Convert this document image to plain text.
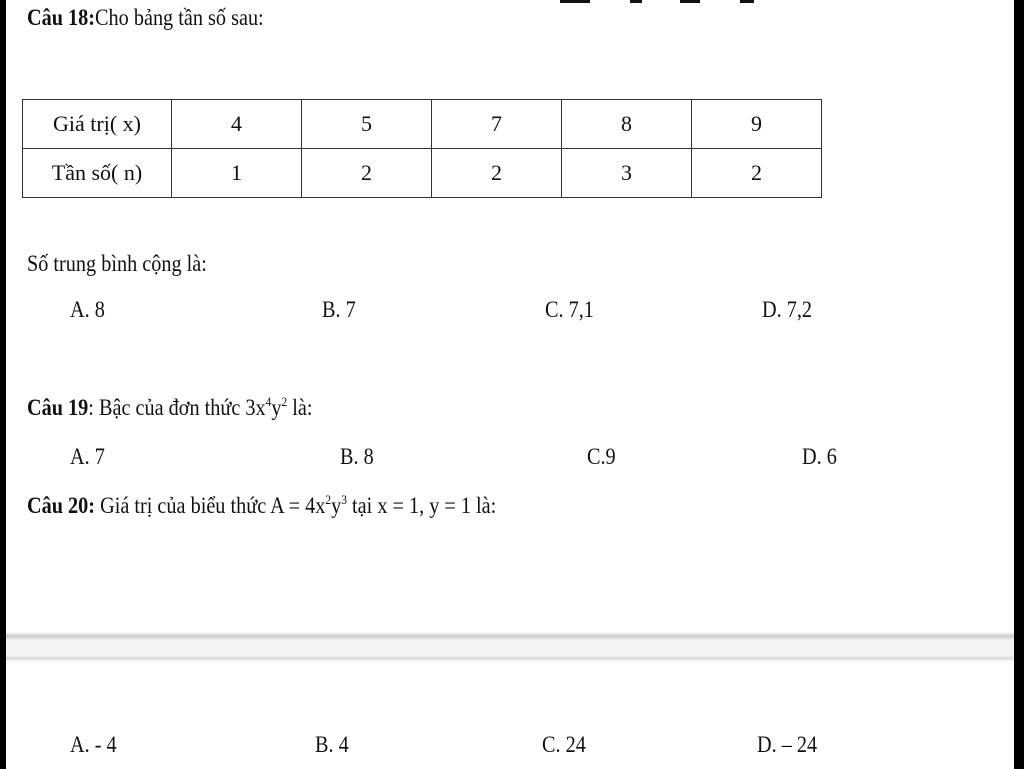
Câu 18:Cho bảng tần số sau:
Giá trị( x)	4	5	7	8	9
Tần số( n)	1	2	2	3	2
Số trung bình cộng là:
A. 8	B. 7	C. 7,1	D. 7,2
Câu 19: Bậc của đơn thức $3x^4y^2$ là:
A. 7	B. 8	C.9	D. 6
Câu 20: Giá trị của biểu thức $A = 4x^2y^3$ tại x = 1, y = 1 là:
A. - 4	B. 4	C. 24	D. – 24
